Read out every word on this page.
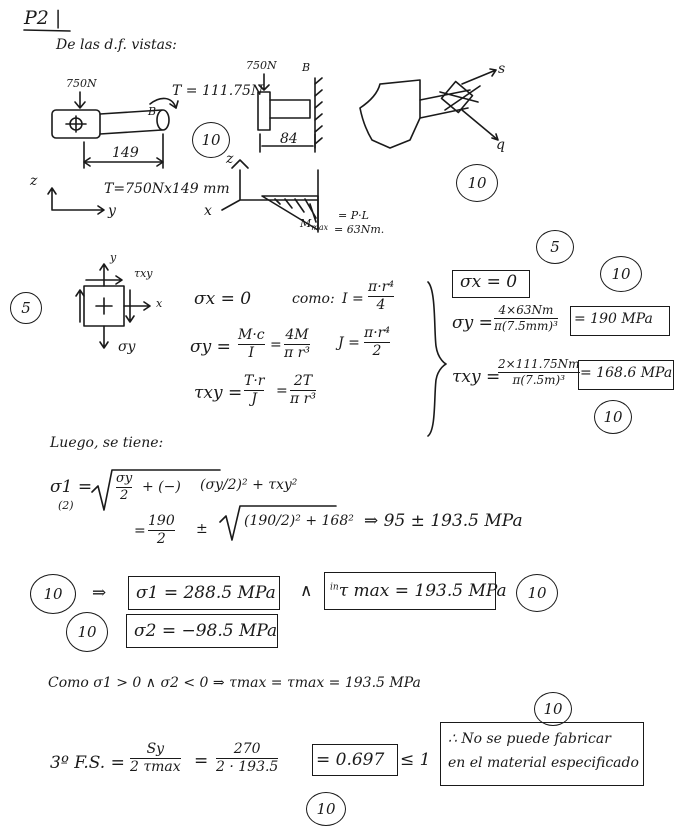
P2 |
De las d.f. vistas:
750N
B
T = 111.75N
750N B
149
84
z
z
y	x
T=750Nx149 mm
s
q
$M_{max}$
= P·L
= 63Nm.
10
10
5
5
10
10
10	10
10
10
10
τxy
σy
x
y
σx = 0	como: I =
π·r⁴
4
σy =
M·c
I =
4M
π r³
J =
π·r⁴
2
τxy =
T·r
J =
2T
π r³
σx = 0
σy =
4×63Nm
π(7.5mm)³ = 190 MPa
τxy =
2×111.75Nm
π(7.5m)³ = 168.6 MPa
Luego, se tiene:
σ1 =
(2)
σy
2
+ (−) (σy/2)² + τxy²
=
190
2
±	(190/2)² + 168² ⇒ 95 ± 193.5 MPa
⇒ σ1 = 288.5 MPa ∧ $^{in}$τ max = 193.5 MPa
σ2 = −98.5 MPa
Como σ1 > 0 ∧ σ2 < 0 ⇒ τmax = τmax = 193.5 MPa
3º F.S. =
Sy
2 τmax =
270
2 · 193.5 = 0.697 ≤ 1
∴ No se puede fabricar
en el material especificado
